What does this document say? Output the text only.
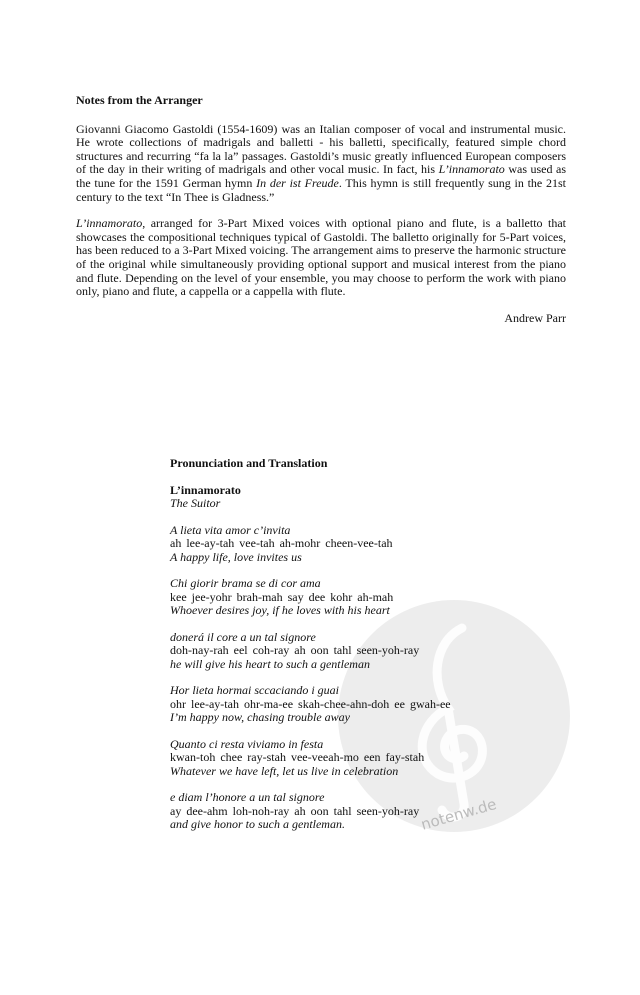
Notes from the Arranger

Giovanni Giacomo Gastoldi (1554-1609) was an Italian composer of vocal and instrumental music. He wrote collections of madrigals and balletti - his balletti, specifically, featured simple chord structures and recurring “fa la la” passages. Gastoldi’s music greatly influenced European composers of the day in their writing of madrigals and other vocal music. In fact, his L’innamorato was used as the tune for the 1591 German hymn In der ist Freude. This hymn is still frequently sung in the 21st century to the text “In Thee is Gladness.”

L’innamorato, arranged for 3-Part Mixed voices with optional piano and flute, is a balletto that showcases the compositional techniques typical of Gastoldi. The balletto originally for 5-Part voices, has been reduced to a 3-Part Mixed voicing. The arrangement aims to preserve the harmonic structure of the original while simultaneously providing optional support and musical interest from the piano and flute. Depending on the level of your ensemble, you may choose to perform the work with piano only, piano and flute, a cappella or a cappella with flute.

Andrew Parr
notenw.de
Pronunciation and Translation
L’innamorato
The Suitor
A lieta vita amor c’invita
ah lee-ay-tah vee-tah ah-mohr cheen-vee-tah
A happy life, love invites us
Chi giorir brama se di cor ama
kee jee-yohr brah-mah say dee kohr ah-mah
Whoever desires joy, if he loves with his heart
donerá il core a un tal signore
doh-nay-rah eel coh-ray ah oon tahl seen-yoh-ray
he will give his heart to such a gentleman
Hor lieta hormai sccaciando i guai
ohr lee-ay-tah ohr-ma-ee skah-chee-ahn-doh ee gwah-ee
I’m happy now, chasing trouble away
Quanto ci resta viviamo in festa
kwan-toh chee ray-stah vee-veeah-mo een fay-stah
Whatever we have left, let us live in celebration
e diam l’honore a un tal signore
ay dee-ahm loh-noh-ray ah oon tahl seen-yoh-ray
and give honor to such a gentleman.
